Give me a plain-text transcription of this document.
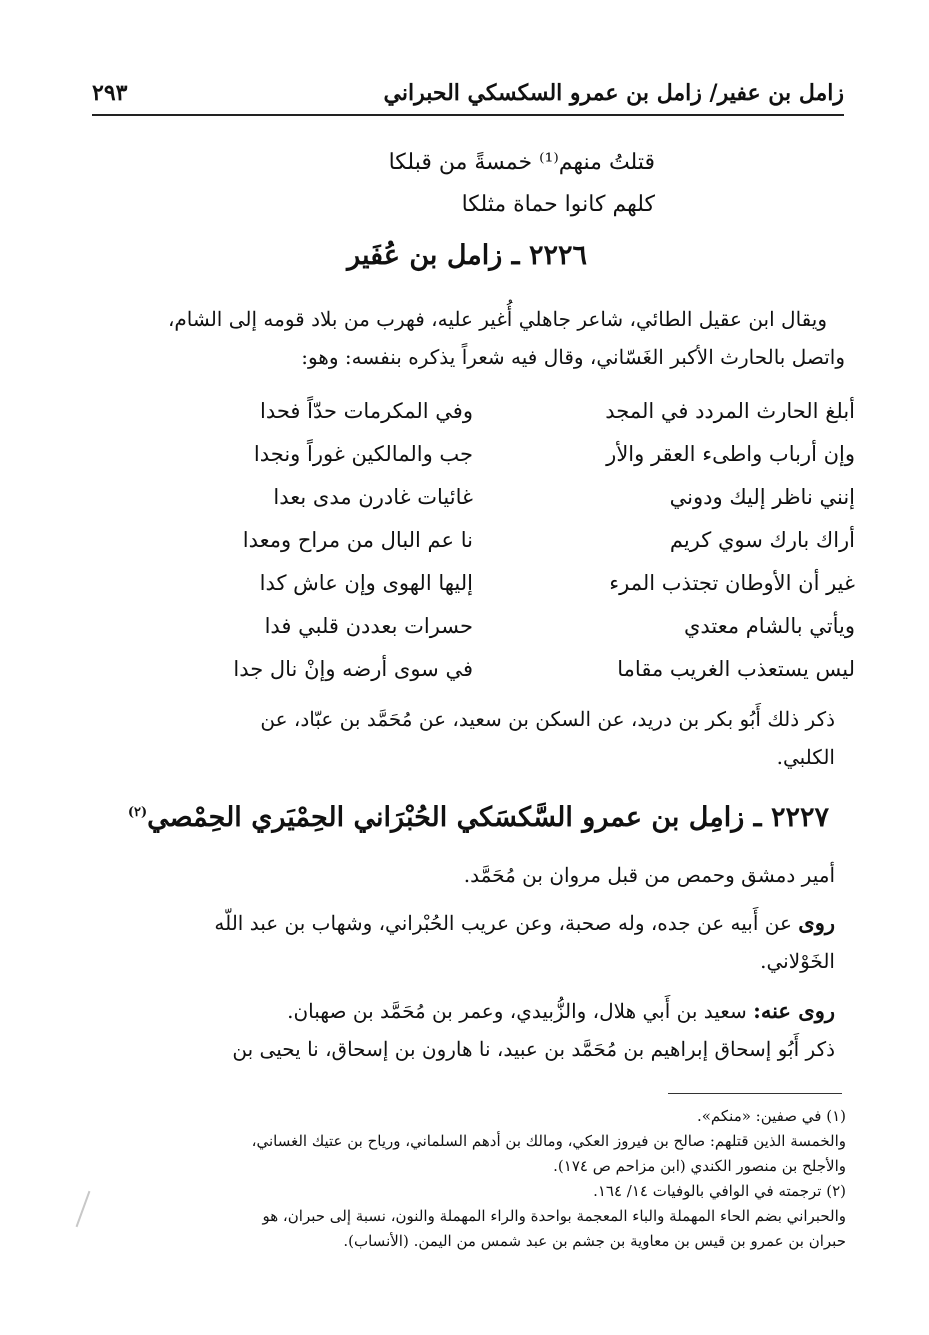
زامل بن عفير/ زامل بن عمرو السكسكي الحبراني
٢٩٣
قتلتُ منهم⁽¹⁾ خمسةً من قبلكا
كلهم كانوا حماة مثلكا
٢٢٢٦ ـ زامل بن عُفَير
ويقال ابن عقيل الطائي، شاعر جاهلي أُغير عليه، فهرب من بلاد قومه إلى الشام،
واتصل بالحارث الأكبر الغَسّاني، وقال فيه شعراً يذكره بنفسه: وهو:
أبلغ الحارث المردد في المجد
وفي المكرمات حدّاً فحدا
وإن أرباب واطىء العقر والأر
جب والمالكين غوراً ونجدا
إنني ناظر إليك ودوني
غائيات غادرن مدى بعدا
أراك بارك سوي كريم
نا عم البال من مراح ومعدا
غير أن الأوطان تجتذب المرء
إليها الهوى وإن عاش كدا
ويأتي بالشام معتدي
حسرات بعددن قلبي فدا
ليس يستعذب الغريب مقاما
في سوى أرضه وإنْ نال جدا
ذكر ذلك أَبُو بكر بن دريد، عن السكن بن سعيد، عن مُحَمَّد بن عبّاد، عن
الكلبي.
٢٢٢٧ ـ زامِل بن عمرو السَّكسَكي الحُبْرَاني الحِمْيَري الحِمْصي$^{(٢)}$
أمير دمشق وحمص من قبل مروان بن مُحَمَّد.
روى عن أَبيه عن جده، وله صحبة، وعن عريب الحُبْراني، وشهاب بن عبد اللّه
الخَوْلاني.
روى عنه: سعيد بن أَبي هلال، والزُّبيدي، وعمر بن مُحَمَّد بن صهبان.
ذكر أَبُو إسحاق إبراهيم بن مُحَمَّد بن عبيد، نا هارون بن إسحاق، نا يحيى بن
(١) في صفين: «منكم».
والخمسة الذين قتلهم: صالح بن فيروز العكي، ومالك بن أدهم السلماني، ورياح بن عتيك الغساني،
والأجلح بن منصور الكندي (ابن مزاحم ص ١٧٤).
(٢) ترجمته في الوافي بالوفيات ١٤/ ١٦٤.
والحبراني بضم الحاء المهملة والباء المعجمة بواحدة والراء المهملة والنون، نسبة إلى حبران، هو
حبران بن عمرو بن قيس بن معاوية بن جشم بن عبد شمس من اليمن. (الأنساب).
